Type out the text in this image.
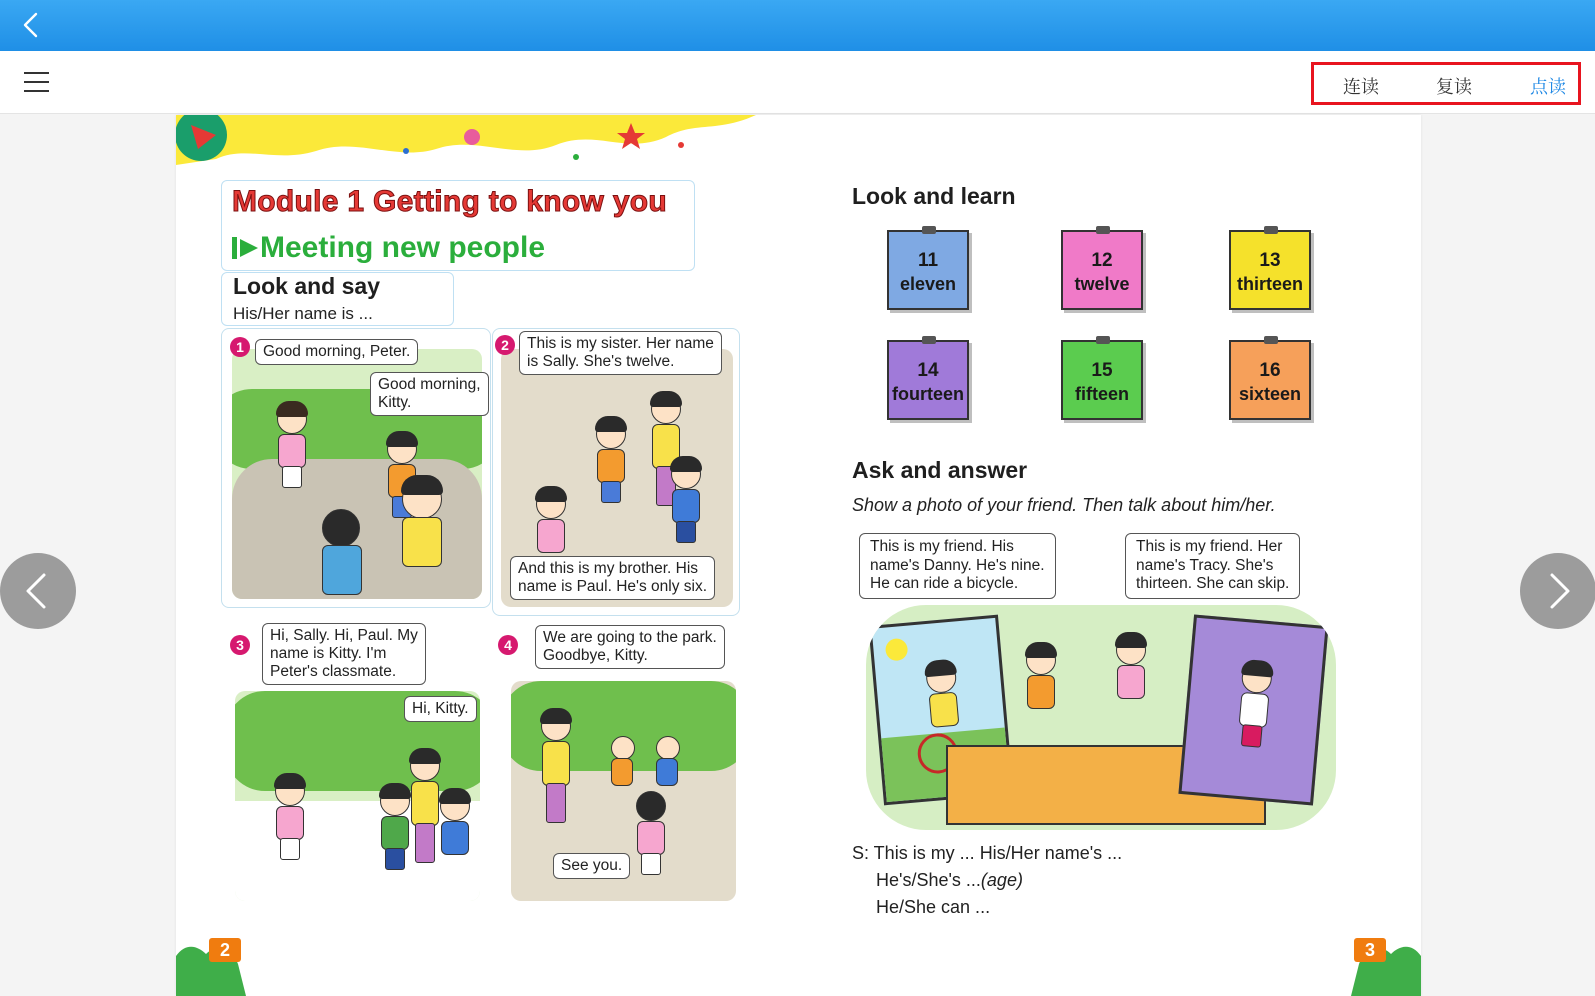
连读	复读	点读
Module 1 Getting to know you
Meeting new people
Look and say
His/Her name is ...
1	Good morning, Peter.
Good morning,
Kitty.
2	This is my sister. Her name
is Sally. She's twelve.
And this is my brother. His
name is Paul. He's only six.
3
Hi, Sally. Hi, Paul. My
name is Kitty. I'm
Peter's classmate.
Hi, Kitty.
4	We are going to the park.
Goodbye, Kitty.
See you.
2
Look and learn
11
eleven
12
twelve
13
thirteen
14
fourteen
15
fifteen
16
sixteen
Ask and answer
Show a photo of your friend. Then talk about him/her.
This is my friend. His
name's Danny. He's nine.
He can ride a bicycle.
This is my friend. Her
name's Tracy. She's
thirteen. She can skip.
S: This is my ... His/Her name's ...
He's/She's ...(age)
He/She can ...
3
